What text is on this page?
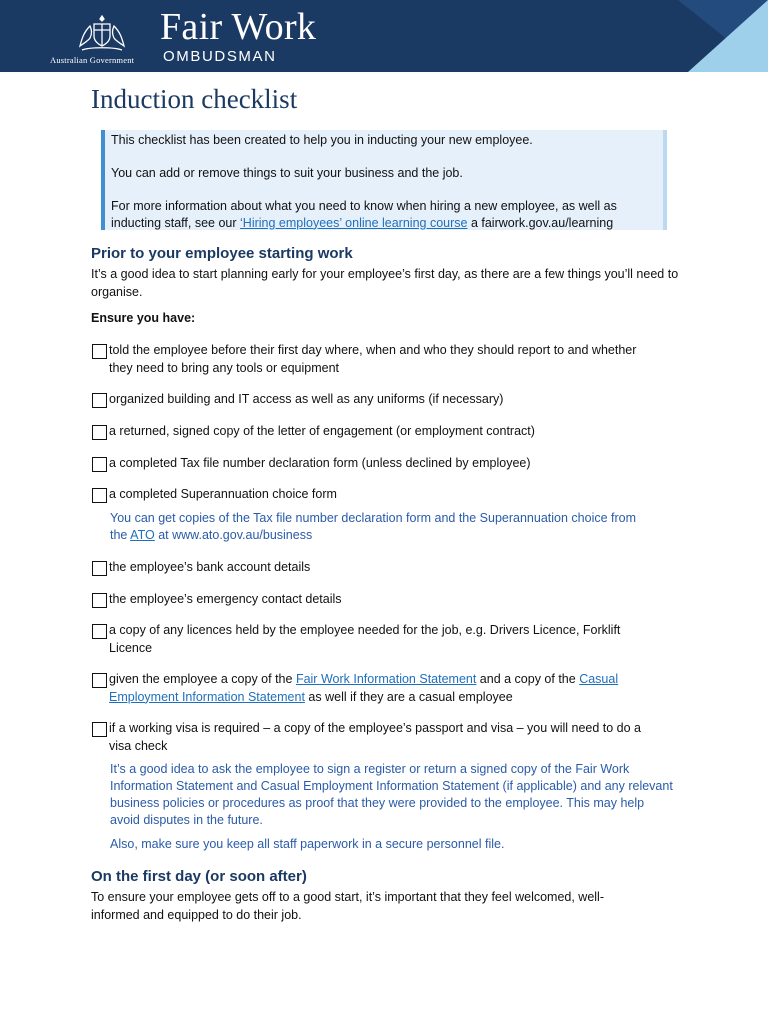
Australian Government
Fair Work
OMBUDSMAN
Induction checklist

This checklist has been created to help you in inducting your new employee.

You can add or remove things to suit your business and the job.

For more information about what you need to know when hiring a new employee, as well as inducting staff, see our ‘Hiring employees’ online learning course a fairwork.gov.au/learning

Prior to your employee starting work
It’s a good idea to start planning early for your employee’s first day, as there are a few things you’ll need to organise.
Ensure you have:
told the employee before their first day where, when and who they should report to and whether
they need to bring any tools or equipment
organized building and IT access as well as any uniforms (if necessary)
a returned, signed copy of the letter of engagement (or employment contract)
a completed Tax file number declaration form (unless declined by employee)
a completed Superannuation choice form
You can get copies of the Tax file number declaration form and the Superannuation choice from
the ATO at www.ato.gov.au/business
the employee’s bank account details
the employee’s emergency contact details
a copy of any licences held by the employee needed for the job, e.g. Drivers Licence, Forklift
Licence
given the employee a copy of the Fair Work Information Statement and a copy of the Casual
Employment Information Statement as well if they are a casual employee
if a working visa is required – a copy of the employee’s passport and visa – you will need to do a
visa check
It’s a good idea to ask the employee to sign a register or return a signed copy of the Fair Work Information Statement and Casual Employment Information Statement (if applicable) and any relevant business policies or procedures as proof that they were provided to the employee. This may help avoid disputes in the future.
Also, make sure you keep all staff paperwork in a secure personnel file.
On the first day (or soon after)
To ensure your employee gets off to a good start, it’s important that they feel welcomed, well-informed and equipped to do their job.
